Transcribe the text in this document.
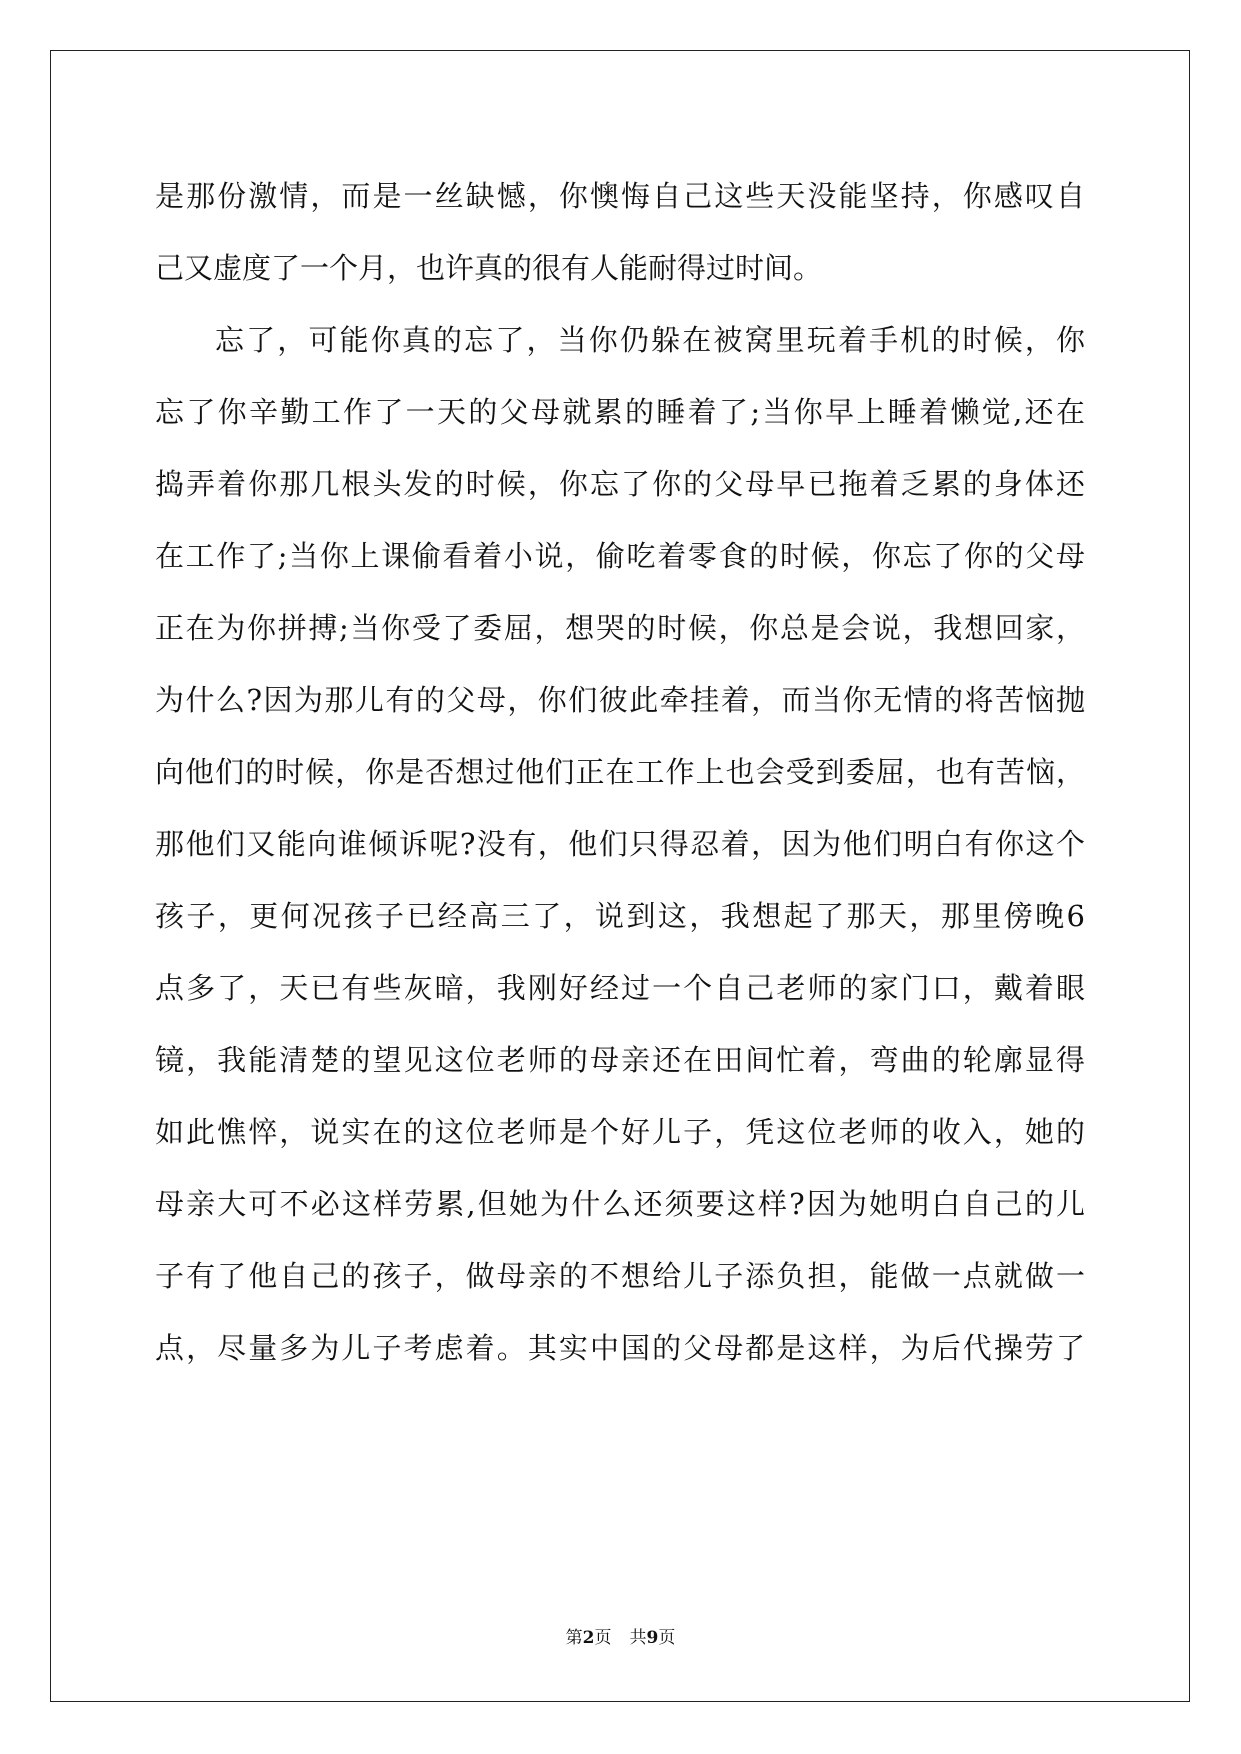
是那份激情，而是一丝缺憾，你懊悔自己这些天没能坚持，你感叹自

己又虚度了一个月，也许真的很有人能耐得过时间。

忘了，可能你真的忘了，当你仍躲在被窝里玩着手机的时候，你

忘了你辛勤工作了一天的父母就累的睡着了;当你早上睡着懒觉,还在

捣弄着你那几根头发的时候，你忘了你的父母早已拖着乏累的身体还

在工作了;当你上课偷看着小说，偷吃着零食的时候，你忘了你的父母

正在为你拼搏;当你受了委屈，想哭的时候，你总是会说，我想回家，

为什么?因为那儿有的父母，你们彼此牵挂着，而当你无情的将苦恼抛

向他们的时候，你是否想过他们正在工作上也会受到委屈，也有苦恼，

那他们又能向谁倾诉呢?没有，他们只得忍着，因为他们明白有你这个

孩子，更何况孩子已经高三了，说到这，我想起了那天，那里傍晚6

点多了，天已有些灰暗，我刚好经过一个自己老师的家门口，戴着眼

镜，我能清楚的望见这位老师的母亲还在田间忙着，弯曲的轮廓显得

如此憔悴，说实在的这位老师是个好儿子，凭这位老师的收入，她的

母亲大可不必这样劳累,但她为什么还须要这样?因为她明白自己的儿

子有了他自己的孩子，做母亲的不想给儿子添负担，能做一点就做一

点，尽量多为儿子考虑着。其实中国的父母都是这样，为后代操劳了

第2页 共9页
